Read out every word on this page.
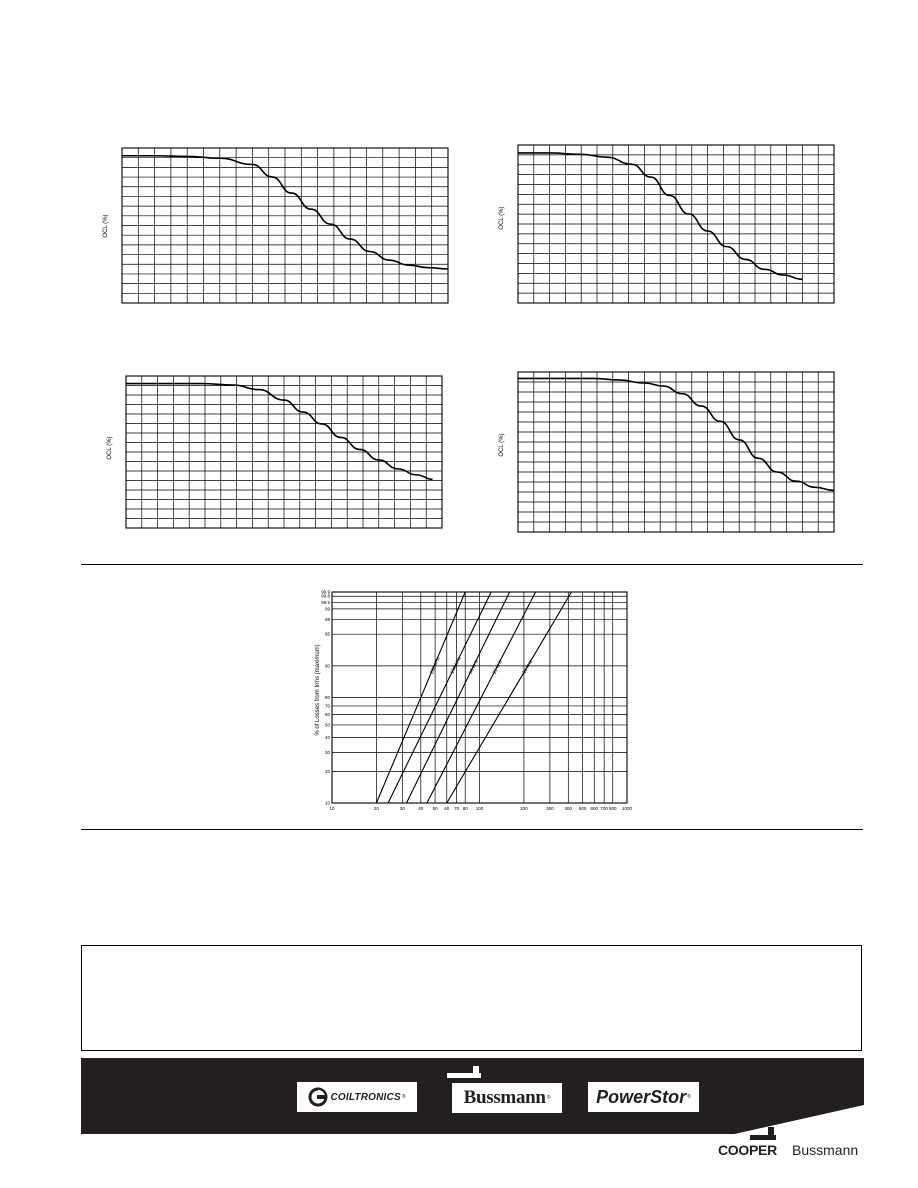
OCL (%)	OCL (%)
OCL (%)	OCL (%)
10	20	30	40 50 60 70 80 100	200	300 400 500 600 700 800 1000
10
20
30
40
50
60
70
80
90
95
98
99
99.5
99.8
99.9
200 kHz 100 kHz 50 kHz 25 kHz	10 kHz
% of Losses from Irms (maximum)
COILTRONICS ®	Bussmann ®	PowerStor ®
COOPER Bussmann
